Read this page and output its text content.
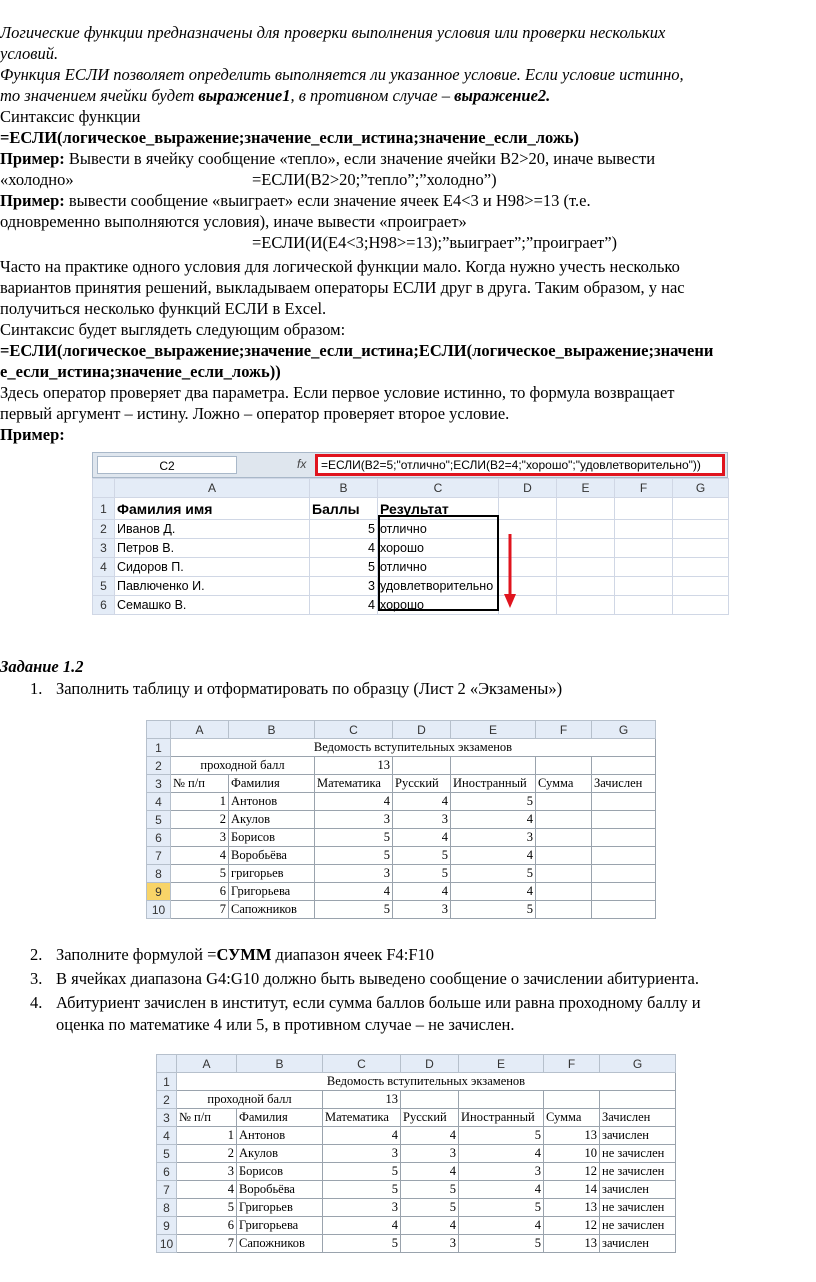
Логические функции предназначены для проверки выполнения условия или проверки нескольких
условий.
Функция ЕСЛИ позволяет определить выполняется ли указанное условие. Если условие истинно,
то значением ячейки будет выражение1, в противном случае – выражение2.
Синтаксис функции
=ЕСЛИ(логическое_выражение;значение_если_истина;значение_если_ложь)
Пример: Вывести в ячейку сообщение «тепло», если значение ячейки B2>20, иначе вывести
«холодно»	=ЕСЛИ(B2>20;”тепло”;”холодно”)
Пример: вывести сообщение «выиграет» если значение ячеек Е4<3 и Н98>=13 (т.е.
одновременно выполняются условия), иначе вывести «проиграет»
=ЕСЛИ(И(Е4<3;Н98>=13);”выиграет”;”проиграет”)
Часто на практике одного условия для логической функции мало. Когда нужно учесть несколько
вариантов принятия решений, выкладываем операторы ЕСЛИ друг в друга. Таким образом, у нас
получиться несколько функций ЕСЛИ в Excel.
Синтаксис будет выглядеть следующим образом:
=ЕСЛИ(логическое_выражение;значение_если_истина;ЕСЛИ(логическое_выражение;значени
е_если_истина;значение_если_ложь))
Здесь оператор проверяет два параметра. Если первое условие истинно, то формула возвращает
первый аргумент – истину. Ложно – оператор проверяет второе условие.
Пример:
C2	fx	=ЕСЛИ(B2=5;"отлично";ЕСЛИ(B2=4;"хорошо";"удовлетворительно"))
	A	B	C	D	E	F	G
1	Фамилия имя	Баллы	Результат				
2	Иванов Д.	5	отлично				
3	Петров В.	4	хорошо				
4	Сидоров П.	5	отлично				
5	Павлюченко И.	3	удовлетворительно				
6	Семашко В.	4	хорошо				
Задание 1.2
1. Заполнить таблицу и отформатировать по образцу (Лист 2 «Экзамены»)
	A	B	C	D	E	F	G
1	Ведомость вступительных экзаменов						
2	проходной балл		13				
3	№ п/п	Фамилия	Математика	Русский	Иностранный	Сумма	Зачислен
4	1	Антонов	4	4	5		
5	2	Акулов	3	3	4		
6	3	Борисов	5	4	3		
7	4	Воробьёва	5	5	4		
8	5	григорьев	3	5	5		
9	6	Григорьева	4	4	4		
10	7	Сапожников	5	3	5		
2. Заполните формулой =СУММ диапазон ячеек F4:F10
3. В ячейках диапазона G4:G10 должно быть выведено сообщение о зачислении абитуриента.
4. Абитуриент зачислен в институт, если сумма баллов больше или равна проходному баллу и
оценка по математике 4 или 5, в противном случае – не зачислен.
	A	B	C	D	E	F	G
1	Ведомость вступительных экзаменов						
2	проходной балл		13				
3	№ п/п	Фамилия	Математика	Русский	Иностранный	Сумма	Зачислен
4	1	Антонов	4	4	5	13	зачислен
5	2	Акулов	3	3	4	10	не зачислен
6	3	Борисов	5	4	3	12	не зачислен
7	4	Воробьёва	5	5	4	14	зачислен
8	5	Григорьев	3	5	5	13	не зачислен
9	6	Григорьева	4	4	4	12	не зачислен
10	7	Сапожников	5	3	5	13	зачислен
